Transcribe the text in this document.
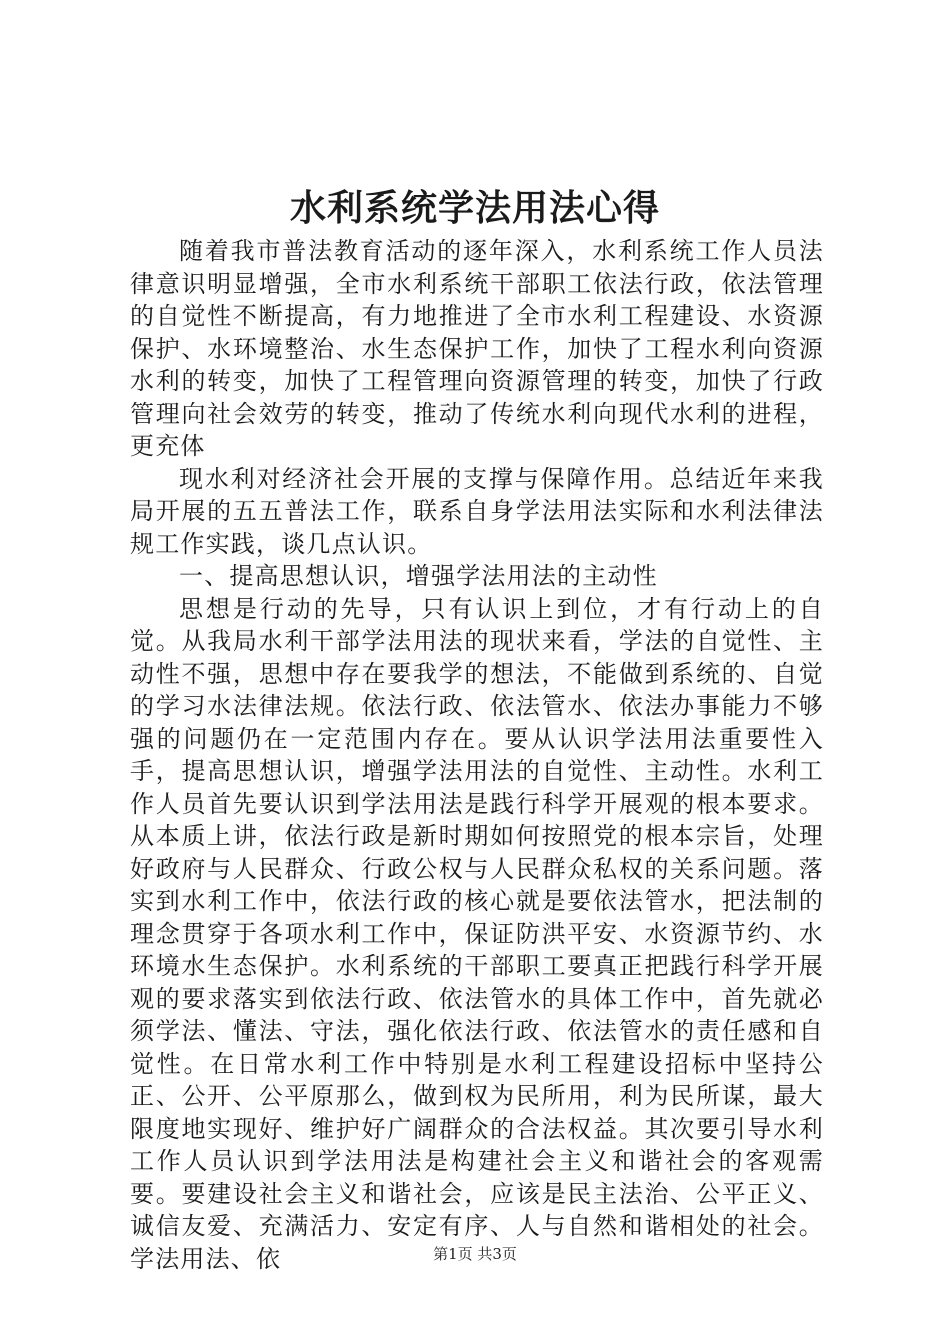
水利系统学法用法心得

随着我市普法教育活动的逐年深入，水利系统工作人员法律意识明显增强，全市水利系统干部职工依法行政，依法管理的自觉性不断提高，有力地推进了全市水利工程建设、水资源保护、水环境整治、水生态保护工作，加快了工程水利向资源水利的转变，加快了工程管理向资源管理的转变，加快了行政管理向社会效劳的转变，推动了传统水利向现代水利的进程，更充体

现水利对经济社会开展的支撑与保障作用。总结近年来我局开展的五五普法工作，联系自身学法用法实际和水利法律法规工作实践，谈几点认识。

一、提高思想认识，增强学法用法的主动性

思想是行动的先导，只有认识上到位，才有行动上的自觉。从我局水利干部学法用法的现状来看，学法的自觉性、主动性不强，思想中存在要我学的想法，不能做到系统的、自觉的学习水法律法规。依法行政、依法管水、依法办事能力不够强的问题仍在一定范围内存在。要从认识学法用法重要性入手，提高思想认识，增强学法用法的自觉性、主动性。水利工作人员首先要认识到学法用法是践行科学开展观的根本要求。从本质上讲，依法行政是新时期如何按照党的根本宗旨，处理好政府与人民群众、行政公权与人民群众私权的关系问题。落实到水利工作中，依法行政的核心就是要依法管水，把法制的理念贯穿于各项水利工作中，保证防洪平安、水资源节约、水环境水生态保护。水利系统的干部职工要真正把践行科学开展观的要求落实到依法行政、依法管水的具体工作中，首先就必须学法、懂法、守法，强化依法行政、依法管水的责任感和自觉性。在日常水利工作中特别是水利工程建设招标中坚持公正、公开、公平原那么，做到权为民所用，利为民所谋，最大限度地实现好、维护好广阔群众的合法权益。其次要引导水利工作人员认识到学法用法是构建社会主义和谐社会的客观需要。要建设社会主义和谐社会，应该是民主法治、公平正义、诚信友爱、充满活力、安定有序、人与自然和谐相处的社会。学法用法、依	第1页 共3页
